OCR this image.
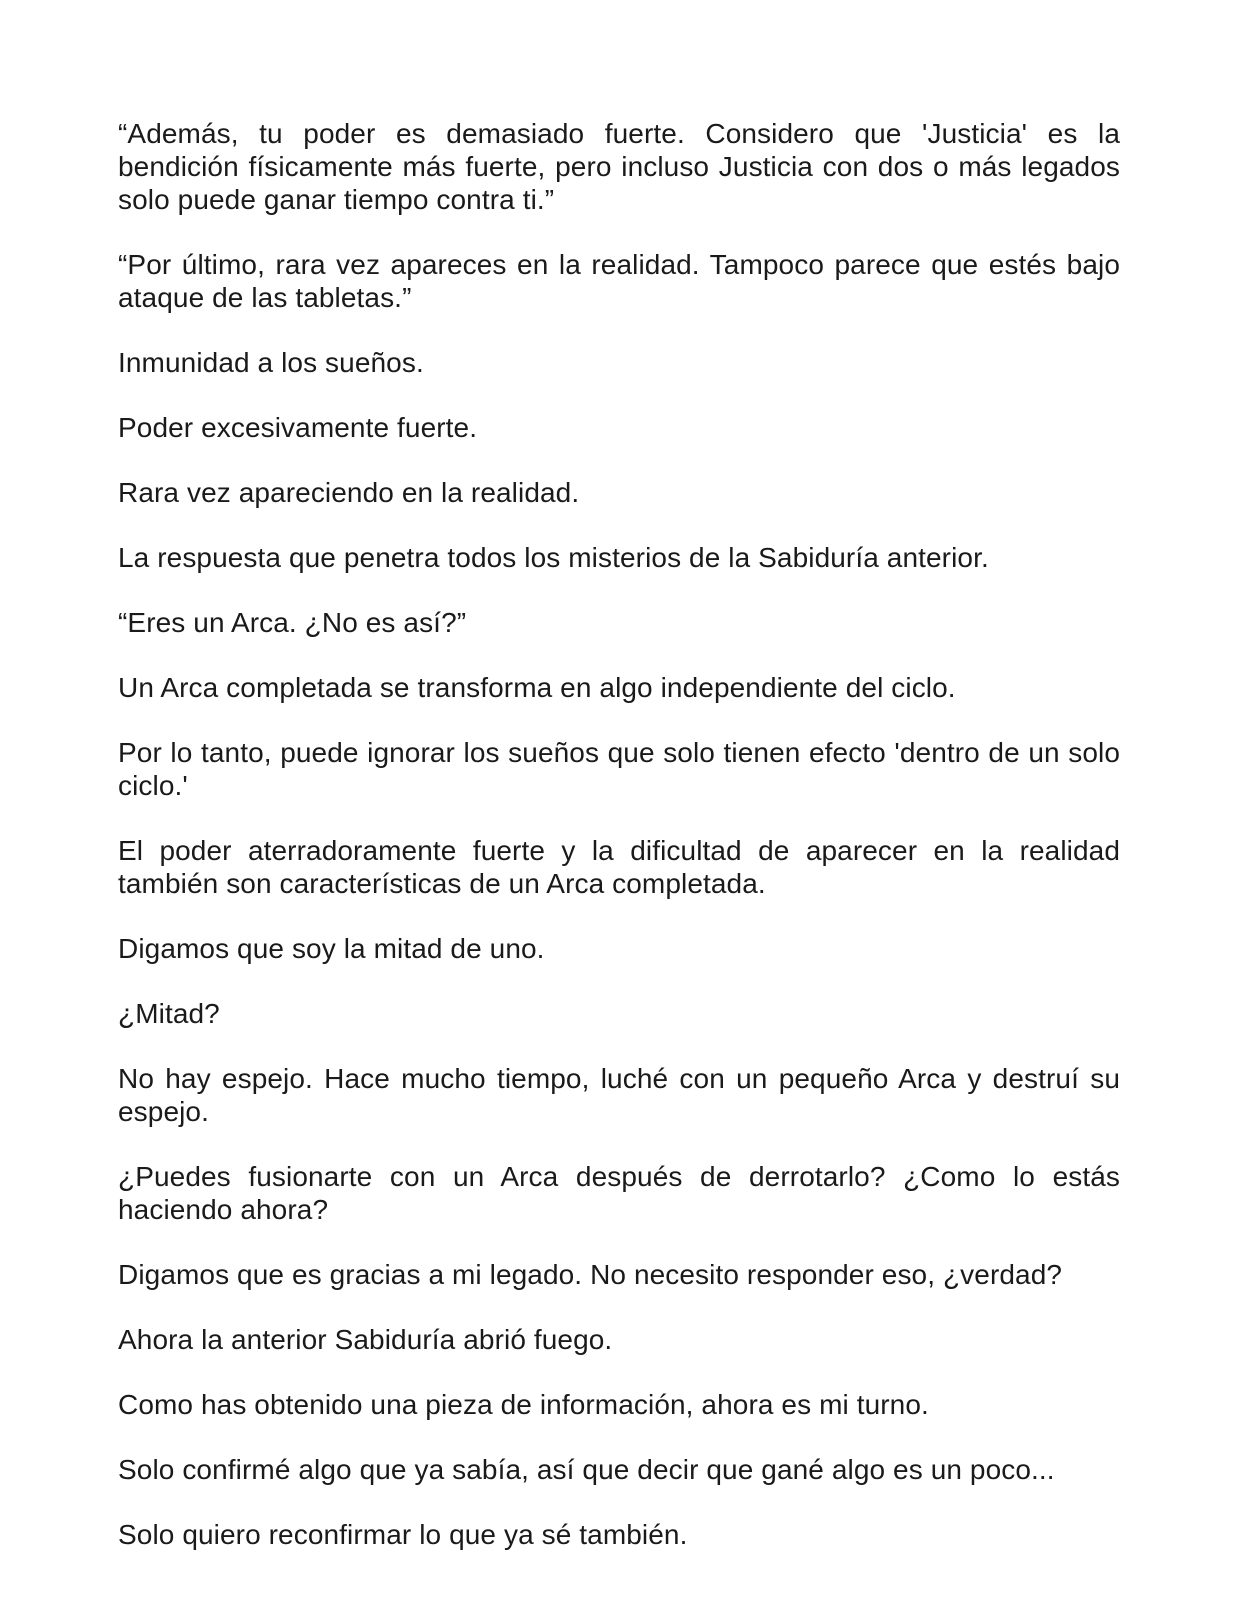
“Además, tu poder es demasiado fuerte. Considero que 'Justicia' es la bendición físicamente más fuerte, pero incluso Justicia con dos o más legados solo puede ganar tiempo contra ti.”

“Por último, rara vez apareces en la realidad. Tampoco parece que estés bajo ataque de las tabletas.”

Inmunidad a los sueños.

Poder excesivamente fuerte.

Rara vez apareciendo en la realidad.

La respuesta que penetra todos los misterios de la Sabiduría anterior.

“Eres un Arca. ¿No es así?”

Un Arca completada se transforma en algo independiente del ciclo.

Por lo tanto, puede ignorar los sueños que solo tienen efecto 'dentro de un solo ciclo.'

El poder aterradoramente fuerte y la dificultad de aparecer en la realidad también son características de un Arca completada.

Digamos que soy la mitad de uno.

¿Mitad?

No hay espejo. Hace mucho tiempo, luché con un pequeño Arca y destruí su espejo.

¿Puedes fusionarte con un Arca después de derrotarlo? ¿Como lo estás haciendo ahora?

Digamos que es gracias a mi legado. No necesito responder eso, ¿verdad?

Ahora la anterior Sabiduría abrió fuego.

Como has obtenido una pieza de información, ahora es mi turno.

Solo confirmé algo que ya sabía, así que decir que gané algo es un poco...

Solo quiero reconfirmar lo que ya sé también.
